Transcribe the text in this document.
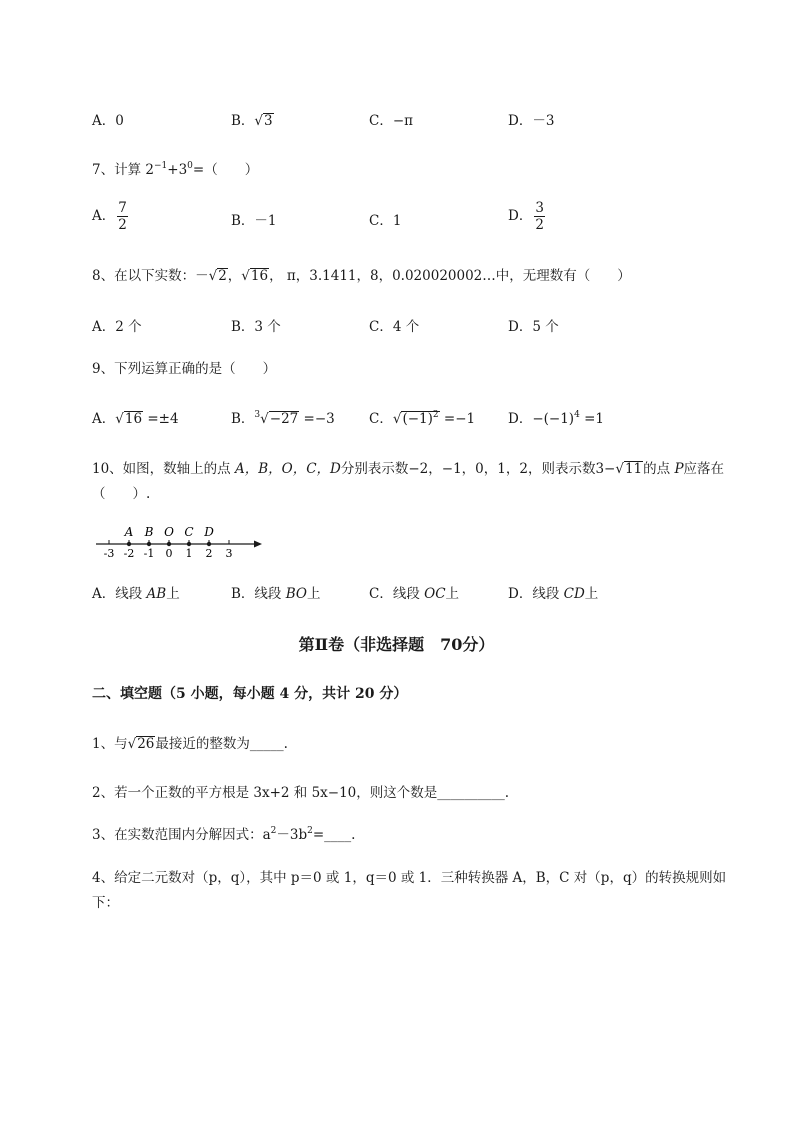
A．0	B．√3	C．−π	D．－3
7、计算 $2^{-1}+3^0=$（　　）
A． $\frac{7}{2}$	B．－1	C．1	D． $\frac{3}{2}$
8、在以下实数：－√2，√16， π，3.1411，8，0.020020002…中，无理数有（　　）
A．2 个	B．3 个	C．4 个	D．5 个
9、下列运算正确的是（　　）
A．√16 =±4	B．$^3$√−27 =−3	C．$√(-1)^2 =-1$ D．$-(-1)^4 =1$
10、如图，数轴上的点 A，B，O，C，D分别表示数−2，−1，0，1，2，则表示数3−√11的点 P应落在
（　　）.
-3 -2 -1 0 1 2 3
A B O C D
A．线段 AB上	B．线段 BO上	C．线段 OC上	D．线段 CD上
第Ⅱ卷（非选择题　70分）
二、填空题（5 小题，每小题 4 分，共计 20 分）
1、与√26最接近的整数为_____.
2、若一个正数的平方根是 3x+2 和 5x−10，则这个数是__________.
3、在实数范围内分解因式：$a^2-3b^2=\_\_\_\_$.
4、给定二元数对（p，q），其中 p＝0 或 1，q＝0 或 1．三种转换器 A，B，C 对（p，q）的转换规则如
下：
